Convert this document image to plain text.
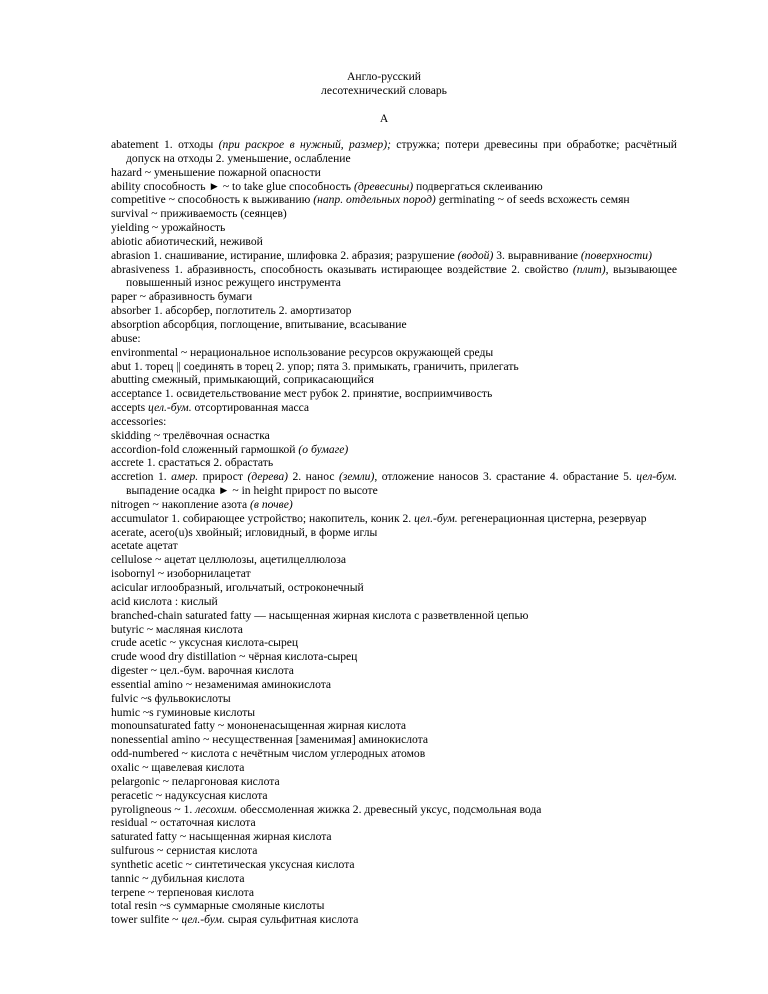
Англо-русский
лесотехнический словарь
A

abatement 1. отходы (при раскрое в нужный, размер); стружка; потери древесины при обработке; расчётный допуск на отходы 2. уменьшение, ослабление

hazard ~ уменьшение пожарной опасности

ability способность ► ~ to take glue способность (древесины) подвергаться склеиванию

competitive ~ способность к выживанию (напр. отдельных пород) germinating ~ of seeds всхожесть семян

survival ~ приживаемость (сеянцев)

yielding ~ урожайность

abiotic абиотический, неживой

abrasion 1. снашивание, истирание, шлифовка 2. абразия; разрушение (водой) 3. выравнивание (поверхности)

abrasiveness 1. абразивность, способность оказывать истирающее воздействие 2. свойство (плит), вызывающее повышенный износ режущего инструмента

paper ~ абразивность бумаги

absorber 1. абсорбер, поглотитель 2. амортизатор

absorption абсорбция, поглощение, впитывание, всасывание

abuse:

environmental ~ нерациональное использование ресурсов окружающей среды

abut 1. торец || соединять в торец 2. упор; пята 3. примыкать, граничить, прилегать

abutting смежный, примыкающий, соприкасающийся

acceptance 1. освидетельствование мест рубок 2. принятие, восприимчивость

accepts цел.-бум. отсортированная масса

accessories:

skidding ~ трелёвочная оснастка

accordion-fold сложенный гармошкой (о бумаге)

accrete 1. срастаться 2. обрастать

accretion 1. амер. прирост (дерева) 2. нанос (земли), отложение наносов 3. срастание 4. обрастание 5. цел-бум. выпадение осадка ► ~ in height прирост по высоте

nitrogen ~ накопление азота (в почве)

accumulator 1. собирающее устройство; накопитель, коник 2. цел.-бум. регенерационная цистерна, резервуар

acerate, acero(u)s хвойный; игловидный, в форме иглы

acetate ацетат

cellulose ~ ацетат целлюлозы, ацетилцеллюлоза

isobornyl ~ изоборнилацетат

acicular иглообразный, игольчатый, остроконечный

acid кислота : кислый

branched-chain saturated fatty — насыщенная жирная кислота с разветвленной цепью

butyric ~ масляная кислота

crude acetic ~ уксусная кислота-сырец

crude wood dry distillation ~ чёрная кислота-сырец

digester ~ цел.-бум. варочная кислота

essential amino ~ незаменимая аминокислота

fulvic ~s фульвокислоты

humic ~s гуминовые кислоты

monounsaturated fatty ~ мононенасыщенная жирная кислота

nonessential amino ~ несущественная [заменимая] аминокислота

odd-numbered ~ кислота с нечётным числом углеродных атомов

oxalic ~ щавелевая кислота

pelargonic ~ пеларгоновая кислота

peracetic ~ надуксусная кислота

pyroligneous ~ 1. лесохим. обессмоленная жижка 2. древесный уксус, подсмольная вода

residual ~ остаточная кислота

saturated fatty ~ насыщенная жирная кислота

sulfurous ~ сернистая кислота

synthetic acetic ~ синтетическая уксусная кислота

tannic ~ дубильная кислота

terpene ~ терпеновая кислота

total resin ~s суммарные смоляные кислоты

tower sulfite ~ цел.-бум. сырая сульфитная кислота
